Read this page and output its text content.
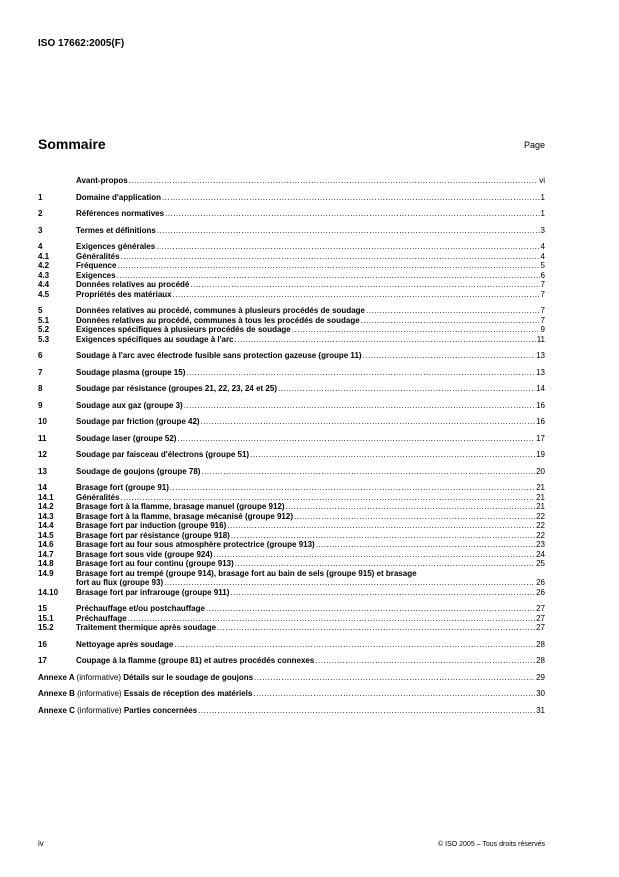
ISO 17662:2005(F)
Sommaire	Page
Avant-propos .....	vi
1	Domaine d'application .....	1
2	Références normatives .....	1
3	Termes et définitions .....	3
4	Exigences générales .....	4
4.1	Généralités .....	4
4.2	Fréquence .....	5
4.3	Exigences .....	6
4.4	Données relatives au procédé .....	7
4.5	Propriétés des matériaux .....	7
5	Données relatives au procédé, communes à plusieurs procédés de soudage .....	7
5.1	Données relatives au procédé, communes à tous les procédés de soudage .....	7
5.2	Exigences spécifiques à plusieurs procédés de soudage .....	9
5.3	Exigences spécifiques au soudage à l'arc .....	11
6	Soudage à l'arc avec électrode fusible sans protection gazeuse (groupe 11) .....	13
7	Soudage plasma (groupe 15) .....	13
8	Soudage par résistance (groupes 21, 22, 23, 24 et 25) .....	14
9	Soudage aux gaz (groupe 3) .....	16
10	Soudage par friction (groupe 42) .....	16
11	Soudage laser (groupe 52) .....	17
12	Soudage par faisceau d'électrons (groupe 51) .....	19
13	Soudage de goujons (groupe 78) .....	20
14	Brasage fort (groupe 91) .....	21
14.1	Généralités .....	21
14.2	Brasage fort à la flamme, brasage manuel (groupe 912) .....	21
14.3	Brasage fort à la flamme, brasage mécanisé (groupe 912) .....	22
14.4	Brasage fort par induction (groupe 916) .....	22
14.5	Brasage fort par résistance (groupe 918) .....	22
14.6	Brasage fort au four sous atmosphère protectrice (groupe 913) .....	23
14.7	Brasage fort sous vide (groupe 924) .....	24
14.8	Brasage fort au four continu (groupe 913) .....	25
14.9	Brasage fort au trempé (groupe 914), brasage fort au bain de sels (groupe 915) et brasage
fort au flux (groupe 93) .....	26
14.10	Brasage fort par infrarouge (groupe 911) .....	26
15	Préchauffage et/ou postchauffage .....	27
15.1	Préchauffage .....	27
15.2	Traitement thermique après soudage .....	27
16	Nettoyage après soudage .....	28
17	Coupage à la flamme (groupe 81) et autres procédés connexes .....	28
Annexe A (informative) Détails sur le soudage de goujons .....	29
Annexe B (informative) Essais de réception des matériels .....	30
Annexe C (informative) Parties concernées .....	31
iv	© ISO 2005 – Tous droits réservés
